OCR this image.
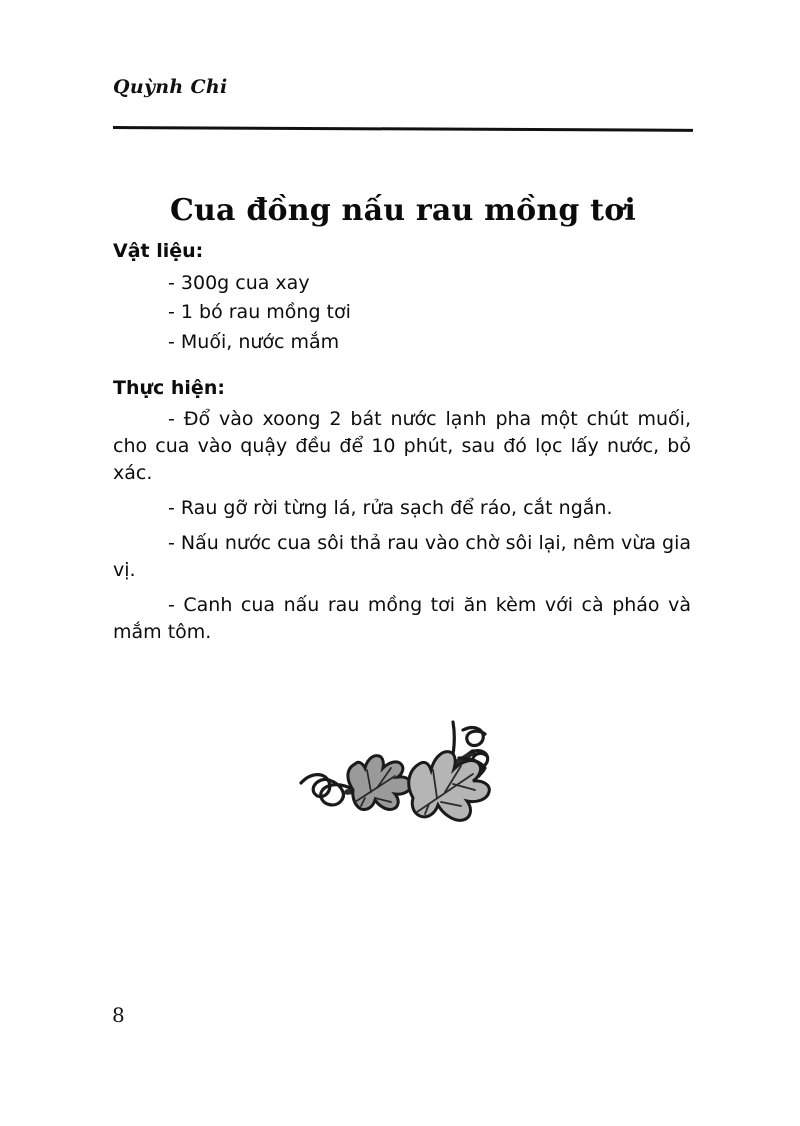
Quỳnh Chi
Cua đồng nấu rau mồng tơi

Vật liệu:

- 300g cua xay
- 1 bó rau mồng tơi
- Muối, nước mắm

Thực hiện:

- Đổ vào xoong 2 bát nước lạnh pha một chút muối, cho cua vào quậy đều để 10 phút, sau đó lọc lấy nước, bỏ xác.

- Rau gỡ rời từng lá, rửa sạch để ráo, cắt ngắn.

- Nấu nước cua sôi thả rau vào chờ sôi lại, nêm vừa gia vị.

- Canh cua nấu rau mồng tơi ăn kèm với cà pháo và mắm tôm.

8
